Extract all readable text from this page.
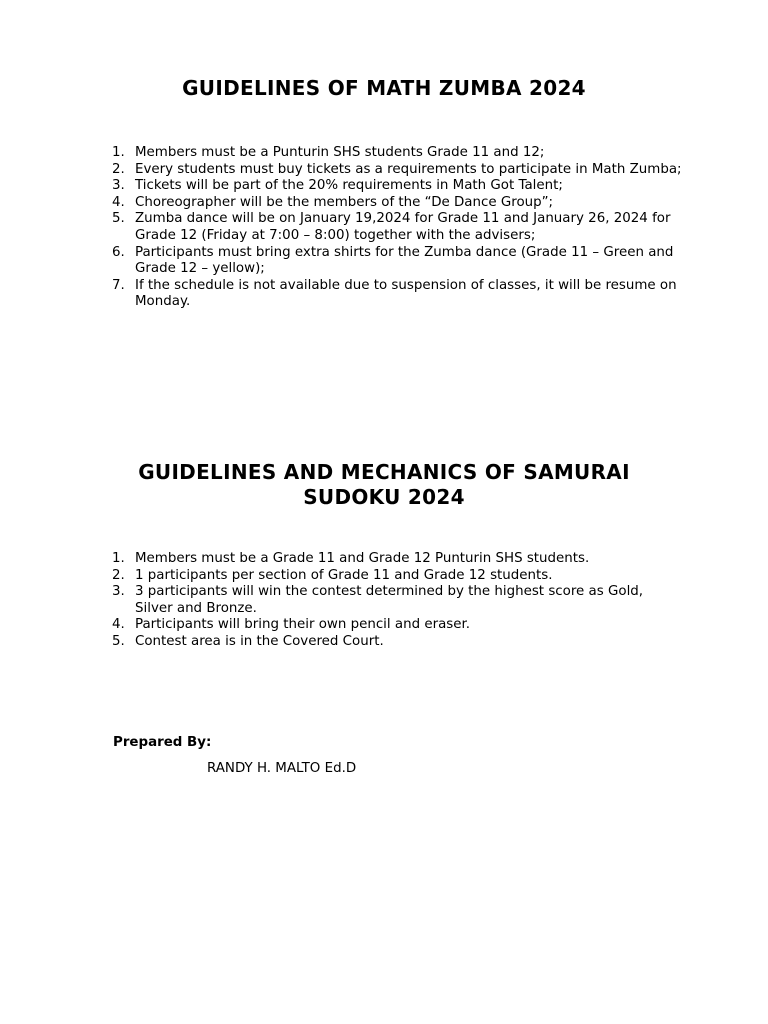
GUIDELINES OF MATH ZUMBA 2024
1. Members must be a Punturin SHS students Grade 11 and 12;
2. Every students must buy tickets as a requirements to participate in Math Zumba;
3. Tickets will be part of the 20% requirements in Math Got Talent;
4. Choreographer will be the members of the “De Dance Group”;
5. Zumba dance will be on January 19,2024 for Grade 11 and January 26, 2024 for Grade 12 (Friday at 7:00 – 8:00) together with the advisers;
6. Participants must bring extra shirts for the Zumba dance (Grade 11 – Green and Grade 12 – yellow);
7. If the schedule is not available due to suspension of classes, it will be resume on Monday.
GUIDELINES AND MECHANICS OF SAMURAI SUDOKU 2024
1. Members must be a Grade 11 and Grade 12 Punturin SHS students.
2. 1 participants per section of Grade 11 and Grade 12 students.
3. 3 participants will win the contest determined by the highest score as Gold, Silver and Bronze.
4. Participants will bring their own pencil and eraser.
5. Contest area is in the Covered Court.
Prepared By:
RANDY H. MALTO Ed.D
